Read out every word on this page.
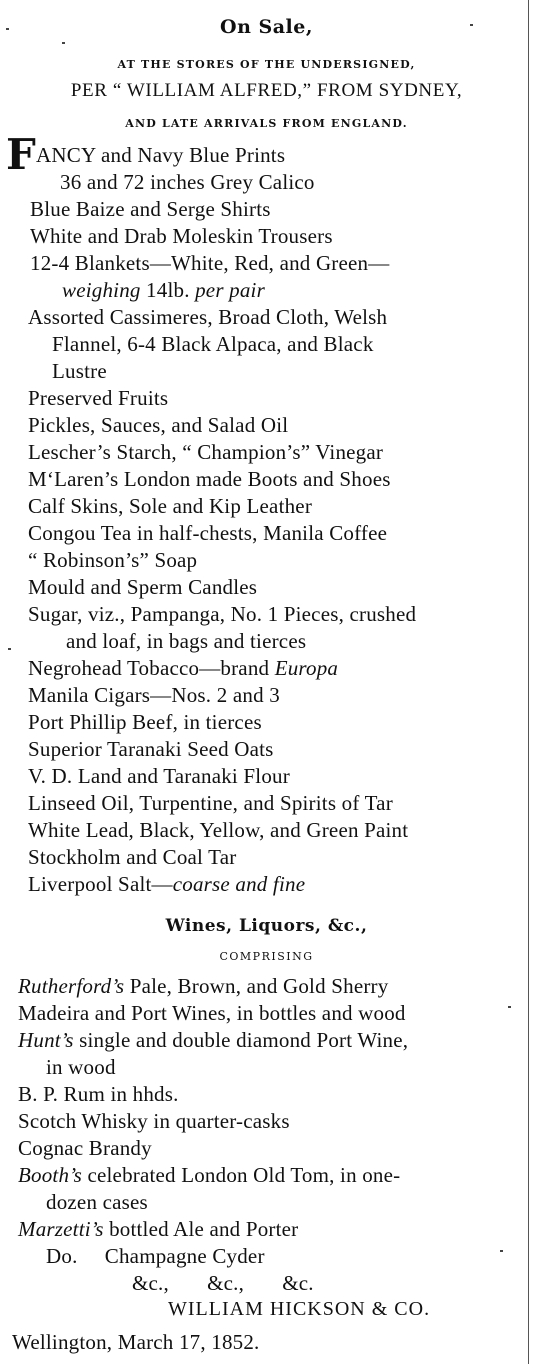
On Sale,
AT THE STORES OF THE UNDERSIGNED,
PER “ WILLIAM ALFRED,” FROM SYDNEY,
AND LATE ARRIVALS FROM ENGLAND.
F ANCY and Navy Blue Prints
36 and 72 inches Grey Calico
Blue Baize and Serge Shirts
White and Drab Moleskin Trousers
12-4 Blankets—White, Red, and Green—
weighing 14lb. per pair
Assorted Cassimeres, Broad Cloth, Welsh
Flannel, 6-4 Black Alpaca, and Black
Lustre
Preserved Fruits
Pickles, Sauces, and Salad Oil
Lescher’s Starch, “ Champion’s” Vinegar
M‘Laren’s London made Boots and Shoes
Calf Skins, Sole and Kip Leather
Congou Tea in half-chests, Manila Coffee
“ Robinson’s” Soap
Mould and Sperm Candles
Sugar, viz., Pampanga, No. 1 Pieces, crushed
and loaf, in bags and tierces
Negrohead Tobacco—brand Europa
Manila Cigars—Nos. 2 and 3
Port Phillip Beef, in tierces
Superior Taranaki Seed Oats
V. D. Land and Taranaki Flour
Linseed Oil, Turpentine, and Spirits of Tar
White Lead, Black, Yellow, and Green Paint
Stockholm and Coal Tar
Liverpool Salt—coarse and fine
Wines, Liquors, &c.,
COMPRISING
Rutherford’s Pale, Brown, and Gold Sherry
Madeira and Port Wines, in bottles and wood
Hunt’s single and double diamond Port Wine,
in wood
B. P. Rum in hhds.
Scotch Whisky in quarter-casks
Cognac Brandy
Booth’s celebrated London Old Tom, in one-
dozen cases
Marzetti’s bottled Ale and Porter
Do.     Champagne Cyder
&c.,       &c.,       &c.
WILLIAM HICKSON & CO.
Wellington, March 17, 1852.
